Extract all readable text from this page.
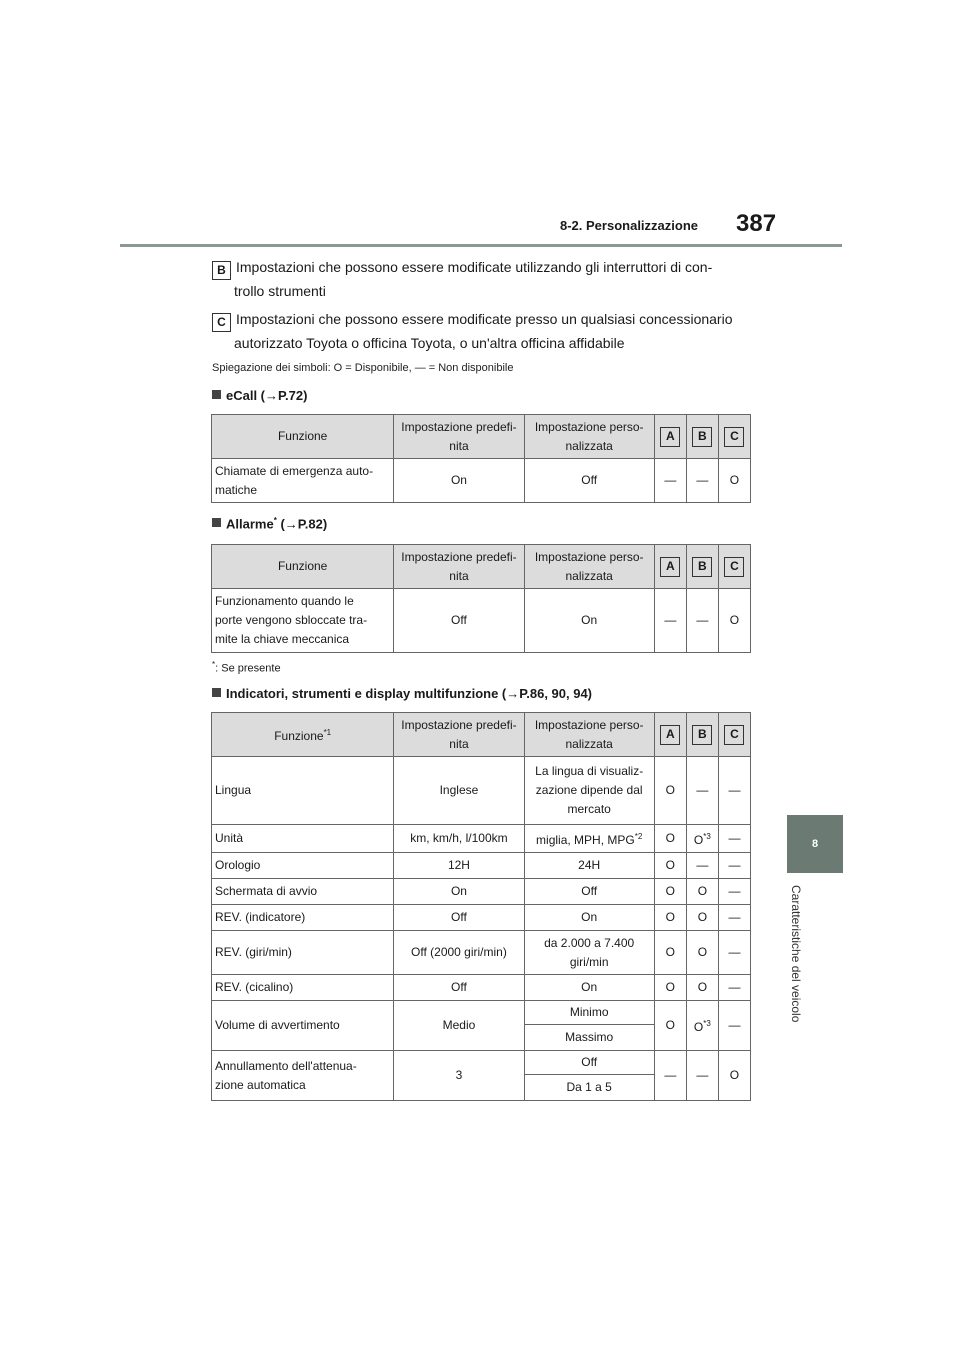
8-2. Personalizzazione 387
8
Caratteristiche del veicolo
B Impostazioni che possono essere modificate utilizzando gli interruttori di con-
trollo strumenti
C Impostazioni che possono essere modificate presso un qualsiasi concessionario
autorizzato Toyota o officina Toyota, o un'altra officina affidabile
Spiegazione dei simboli: O = Disponibile, — = Non disponibile
eCall (→P.72)
Funzione	Impostazione predefi-
nita	Impostazione perso-
nalizzata	A	B	C
Chiamate di emergenza auto-
matiche	On	Off	—	—	O
Allarme* (→P.82)
Funzione	Impostazione predefi-
nita	Impostazione perso-
nalizzata	A	B	C
Funzionamento quando le
porte vengono sbloccate tra-
mite la chiave meccanica	Off	On	—	—	O
*: Se presente
Indicatori, strumenti e display multifunzione (→P.86, 90, 94)
Funzione$^{*1}$	Impostazione predefi-
nita	Impostazione perso-
nalizzata	A	B	C
Lingua	Inglese	La lingua di visualiz-
zazione dipende dal
mercato	O	—	—
Unità	km, km/h, l/100km	miglia, MPH, MPG$^{*2}$	O	$O^{*3}$	—
Orologio	12H	24H	O	—	—
Schermata di avvio	On	Off	O	O	—
REV. (indicatore)	Off	On	O	O	—
REV. (giri/min)	Off (2000 giri/min)	da 2.000 a 7.400
giri/min	O	O	—
REV. (cicalino)	Off	On	O	O	—
Volume di avvertimento	Medio	Minimo	O	$O^{*3}$	—
		Massimo			
Annullamento dell'attenua-
zione automatica	3	Off	—	—	O
		Da 1 a 5			
